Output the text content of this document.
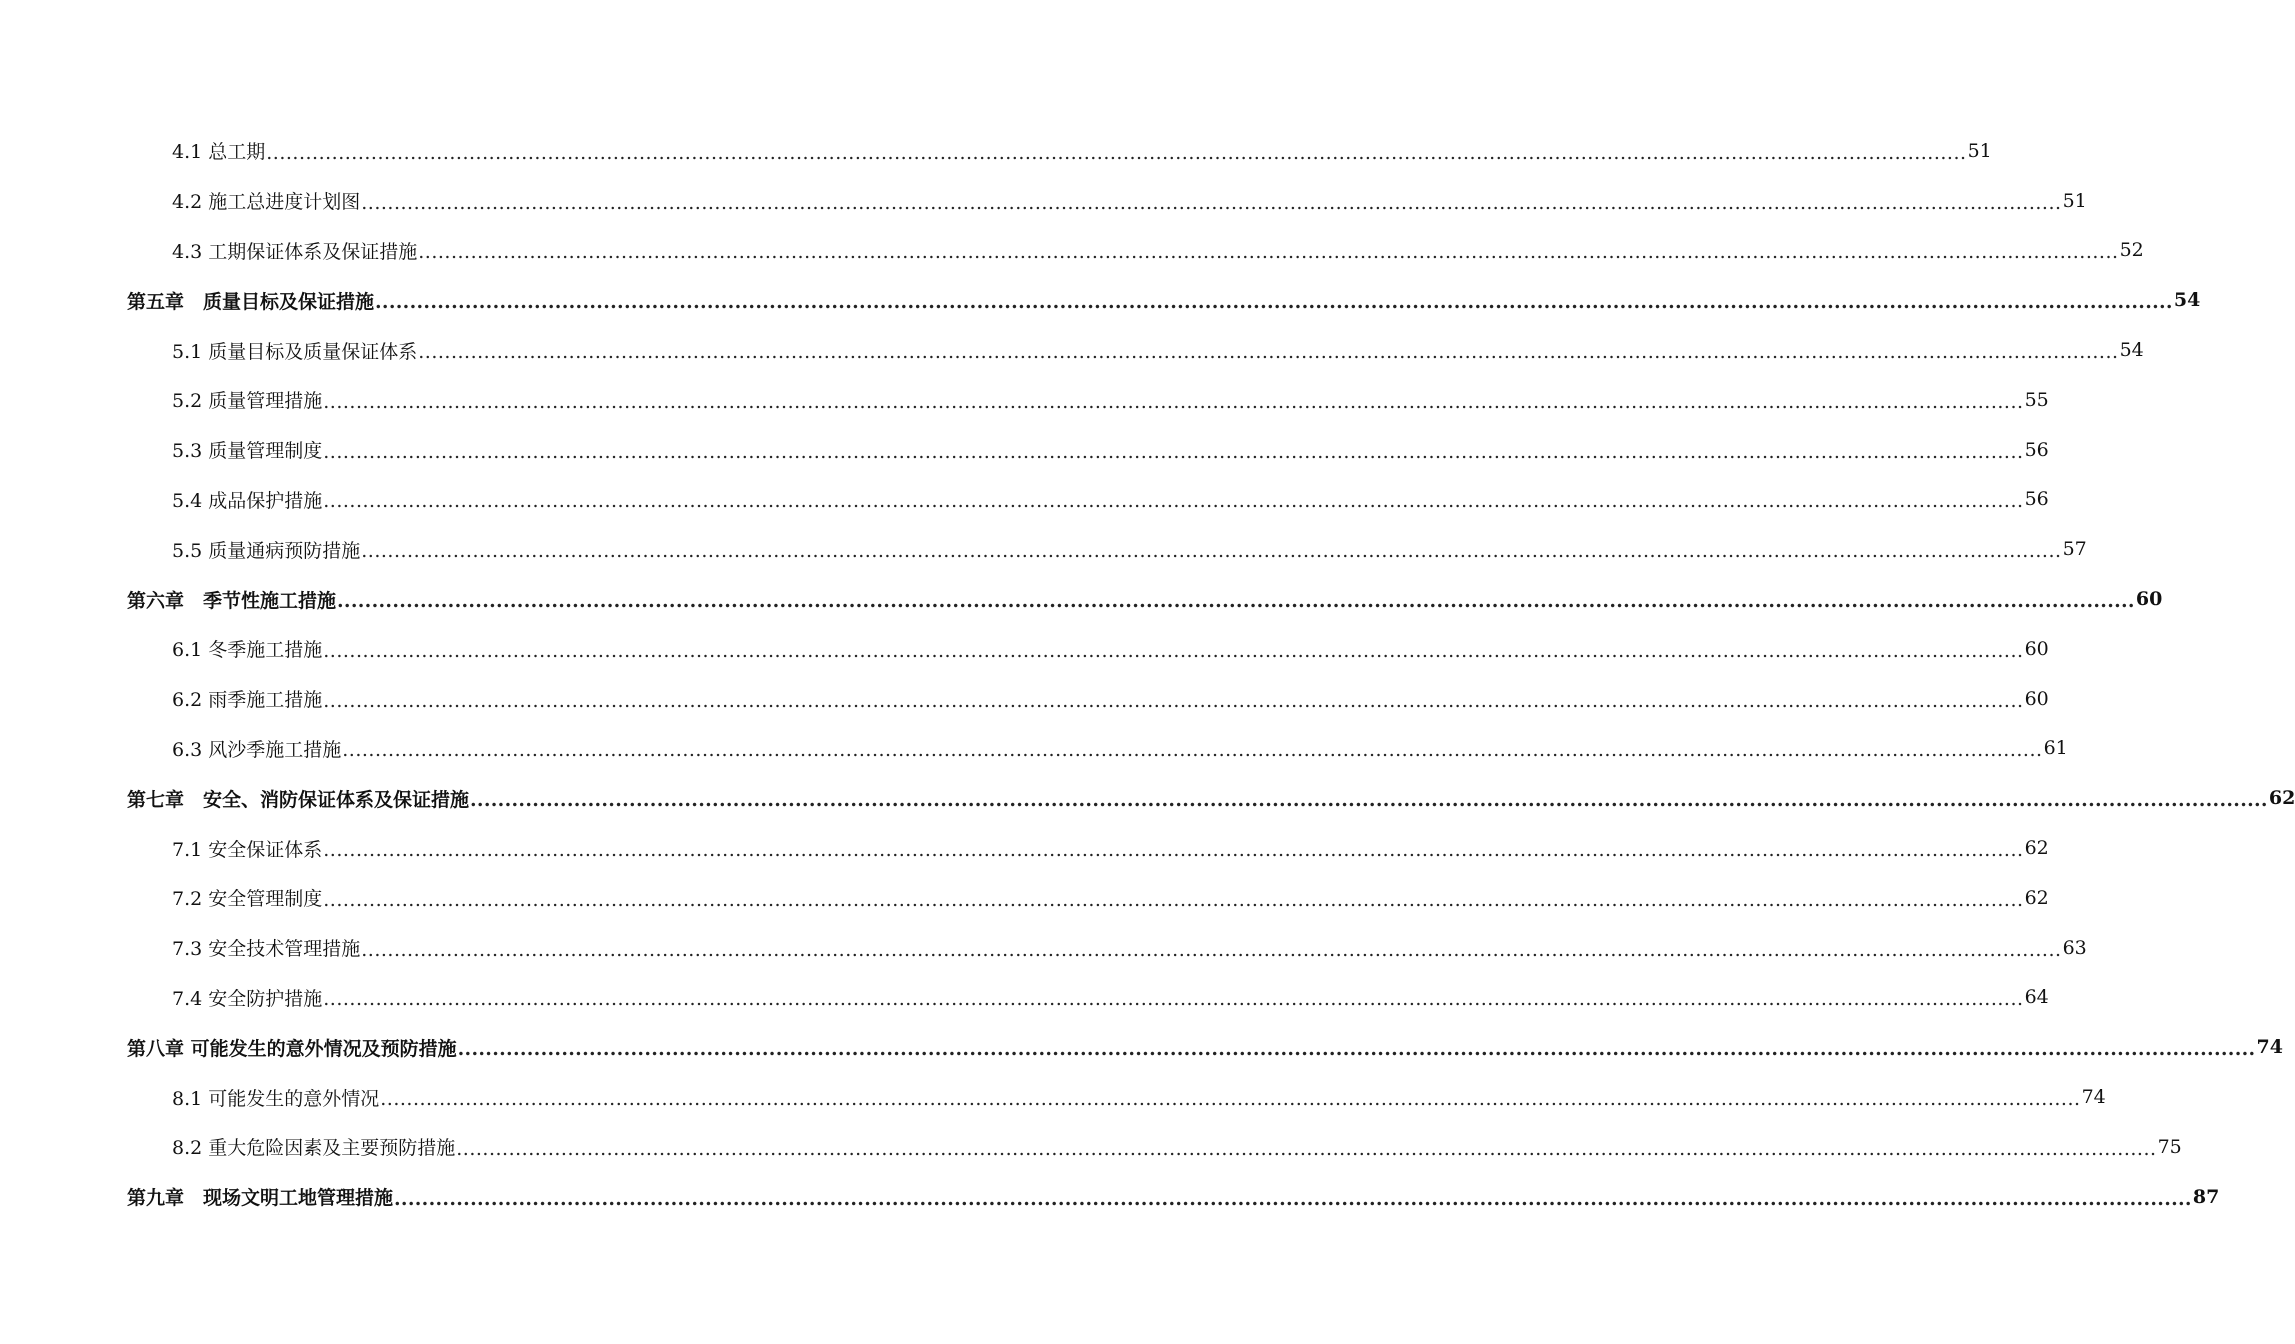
4.1 总工期 .................................................................................................................................................................................................................................................................... 51
4.2 施工总进度计划图 .................................................................................................................................................................................................................................................................... 51
4.3 工期保证体系及保证措施 .................................................................................................................................................................................................................................................................... 52
第五章　质量目标及保证措施 .................................................................................................................................................................................................................................................................... 54
5.1 质量目标及质量保证体系 .................................................................................................................................................................................................................................................................... 54
5.2 质量管理措施 .................................................................................................................................................................................................................................................................... 55
5.3 质量管理制度 .................................................................................................................................................................................................................................................................... 56
5.4 成品保护措施 .................................................................................................................................................................................................................................................................... 56
5.5 质量通病预防措施 .................................................................................................................................................................................................................................................................... 57
第六章　季节性施工措施 .................................................................................................................................................................................................................................................................... 60
6.1 冬季施工措施 .................................................................................................................................................................................................................................................................... 60
6.2 雨季施工措施 .................................................................................................................................................................................................................................................................... 60
6.3 风沙季施工措施 .................................................................................................................................................................................................................................................................... 61
第七章　安全、消防保证体系及保证措施 .................................................................................................................................................................................................................................................................... 62
7.1 安全保证体系 .................................................................................................................................................................................................................................................................... 62
7.2 安全管理制度 .................................................................................................................................................................................................................................................................... 62
7.3 安全技术管理措施 .................................................................................................................................................................................................................................................................... 63
7.4 安全防护措施 .................................................................................................................................................................................................................................................................... 64
第八章 可能发生的意外情况及预防措施 .................................................................................................................................................................................................................................................................... 74
8.1 可能发生的意外情况 .................................................................................................................................................................................................................................................................... 74
8.2 重大危险因素及主要预防措施 .................................................................................................................................................................................................................................................................... 75
第九章　现场文明工地管理措施 .................................................................................................................................................................................................................................................................... 87
